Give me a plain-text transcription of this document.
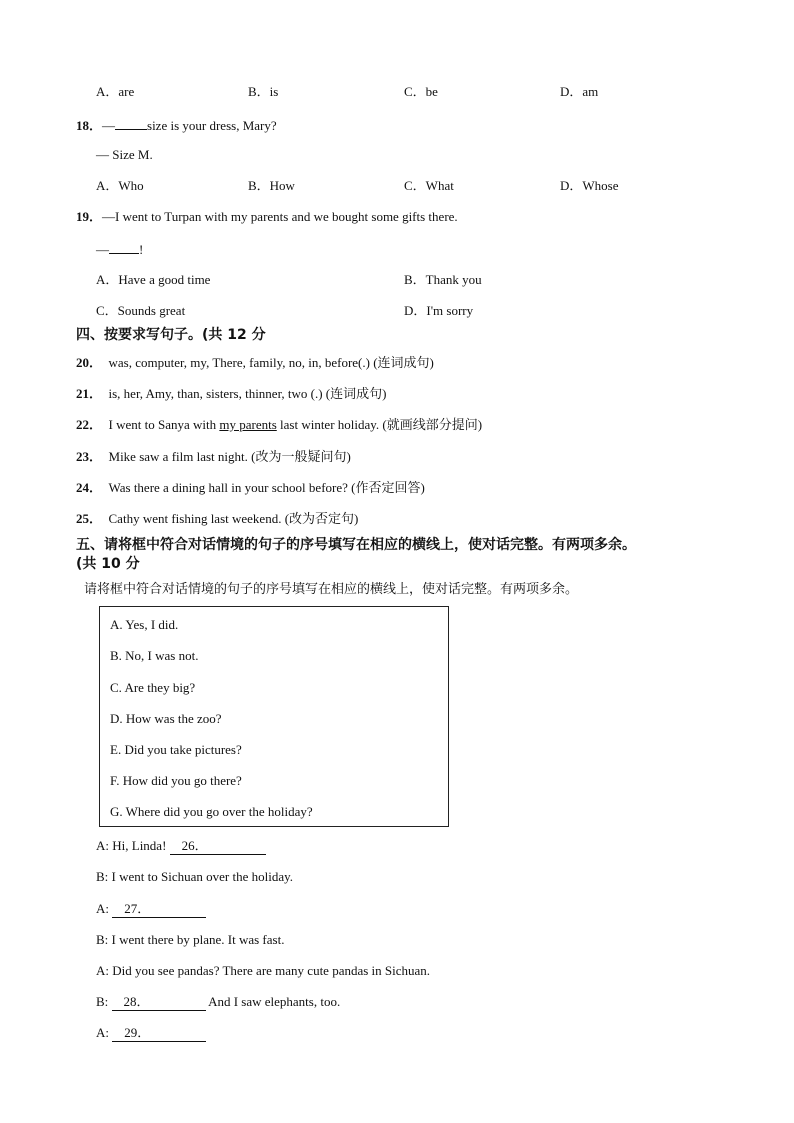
A．are	B．is	C．be	D．am
18．— size is your dress, Mary?
— Size M.
A．Who	B．How	C．What	D．Whose
19．—I went to Turpan with my parents and we bought some gifts there.
— !
A．Have a good time	B．Thank you
C．Sounds great	D．I'm sorry
四、按要求写句子。(共 12 分
20． was, computer, my, There, family, no, in, before(.) (连词成句)
21． is, her, Amy, than, sisters, thinner, two (.) (连词成句)
22． I went to Sanya with my parents last winter holiday. (就画线部分提问)
23． Mike saw a film last night. (改为一般疑问句)
24． Was there a dining hall in your school before? (作否定回答)
25． Cathy went fishing last weekend. (改为否定句)
五、请将框中符合对话情境的句子的序号填写在相应的横线上，使对话完整。有两项多余。
(共 10 分
请将框中符合对话情境的句子的序号填写在相应的横线上，使对话完整。有两项多余。
A. Yes, I did.
B. No, I was not.
C. Are they big?
D. How was the zoo?
E. Did you take pictures?
F. How did you go there?
G. Where did you go over the holiday?
A: Hi, Linda! 26．
B: I went to Sichuan over the holiday.
A: 27．
B: I went there by plane. It was fast.
A: Did you see pandas? There are many cute pandas in Sichuan.
B: 28．	And I saw elephants, too.
A: 29．
